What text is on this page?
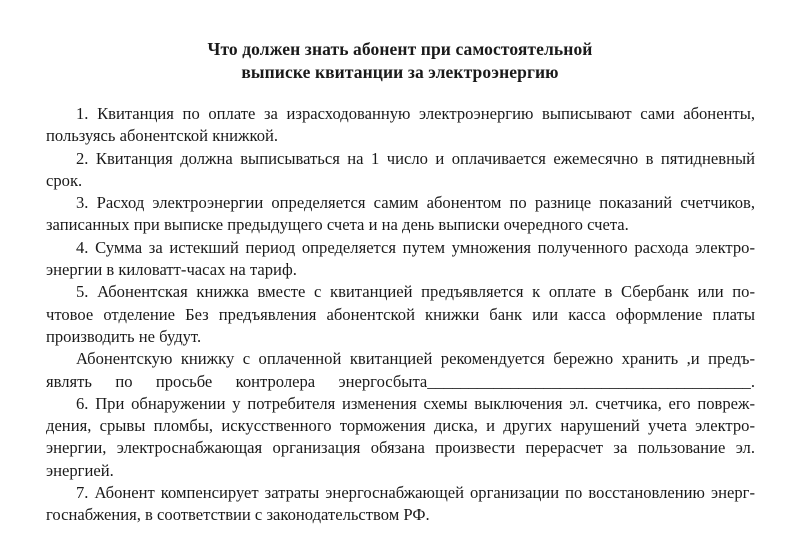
Что должен знать абонент при самостоятельной
выписке квитанции за электроэнергию
1. Квитанция по оплате за израсходованную электроэнергию выписывают сами абоненты,
пользуясь абонентской книжкой.
2. Квитанция должна выписываться на 1 число и оплачивается ежемесячно в пятидневный
срок.
3. Расход электроэнергии определяется самим абонентом по разнице показаний счетчиков,
записанных при выписке предыдущего счета и на день выписки очередного счета.
4. Сумма за истекший период определяется путем умножения полученного расхода электро-
энергии в киловатт-часах на тариф.
5. Абонентская книжка вместе с квитанцией предъявляется к оплате в Сбербанк или по-
чтовое отделение Без предъявления абонентской книжки банк или касса оформление платы
производить не будут.
Абонентскую книжку с оплаченной квитанцией рекомендуется бережно хранить ,и предъ-
являть по просьбе контролера энергосбыта_______________________________________.
6. При обнаружении у потребителя изменения схемы выключения эл. счетчика, его повреж-
дения, срывы пломбы, искусственного торможения диска, и других нарушений учета электро-
энергии, электроснабжающая организация обязана произвести перерасчет за пользование эл.
энергией.
7. Абонент компенсирует затраты энергоснабжающей организации по восстановлению энерг-
госнабжения, в соответствии с законодательством РФ.
